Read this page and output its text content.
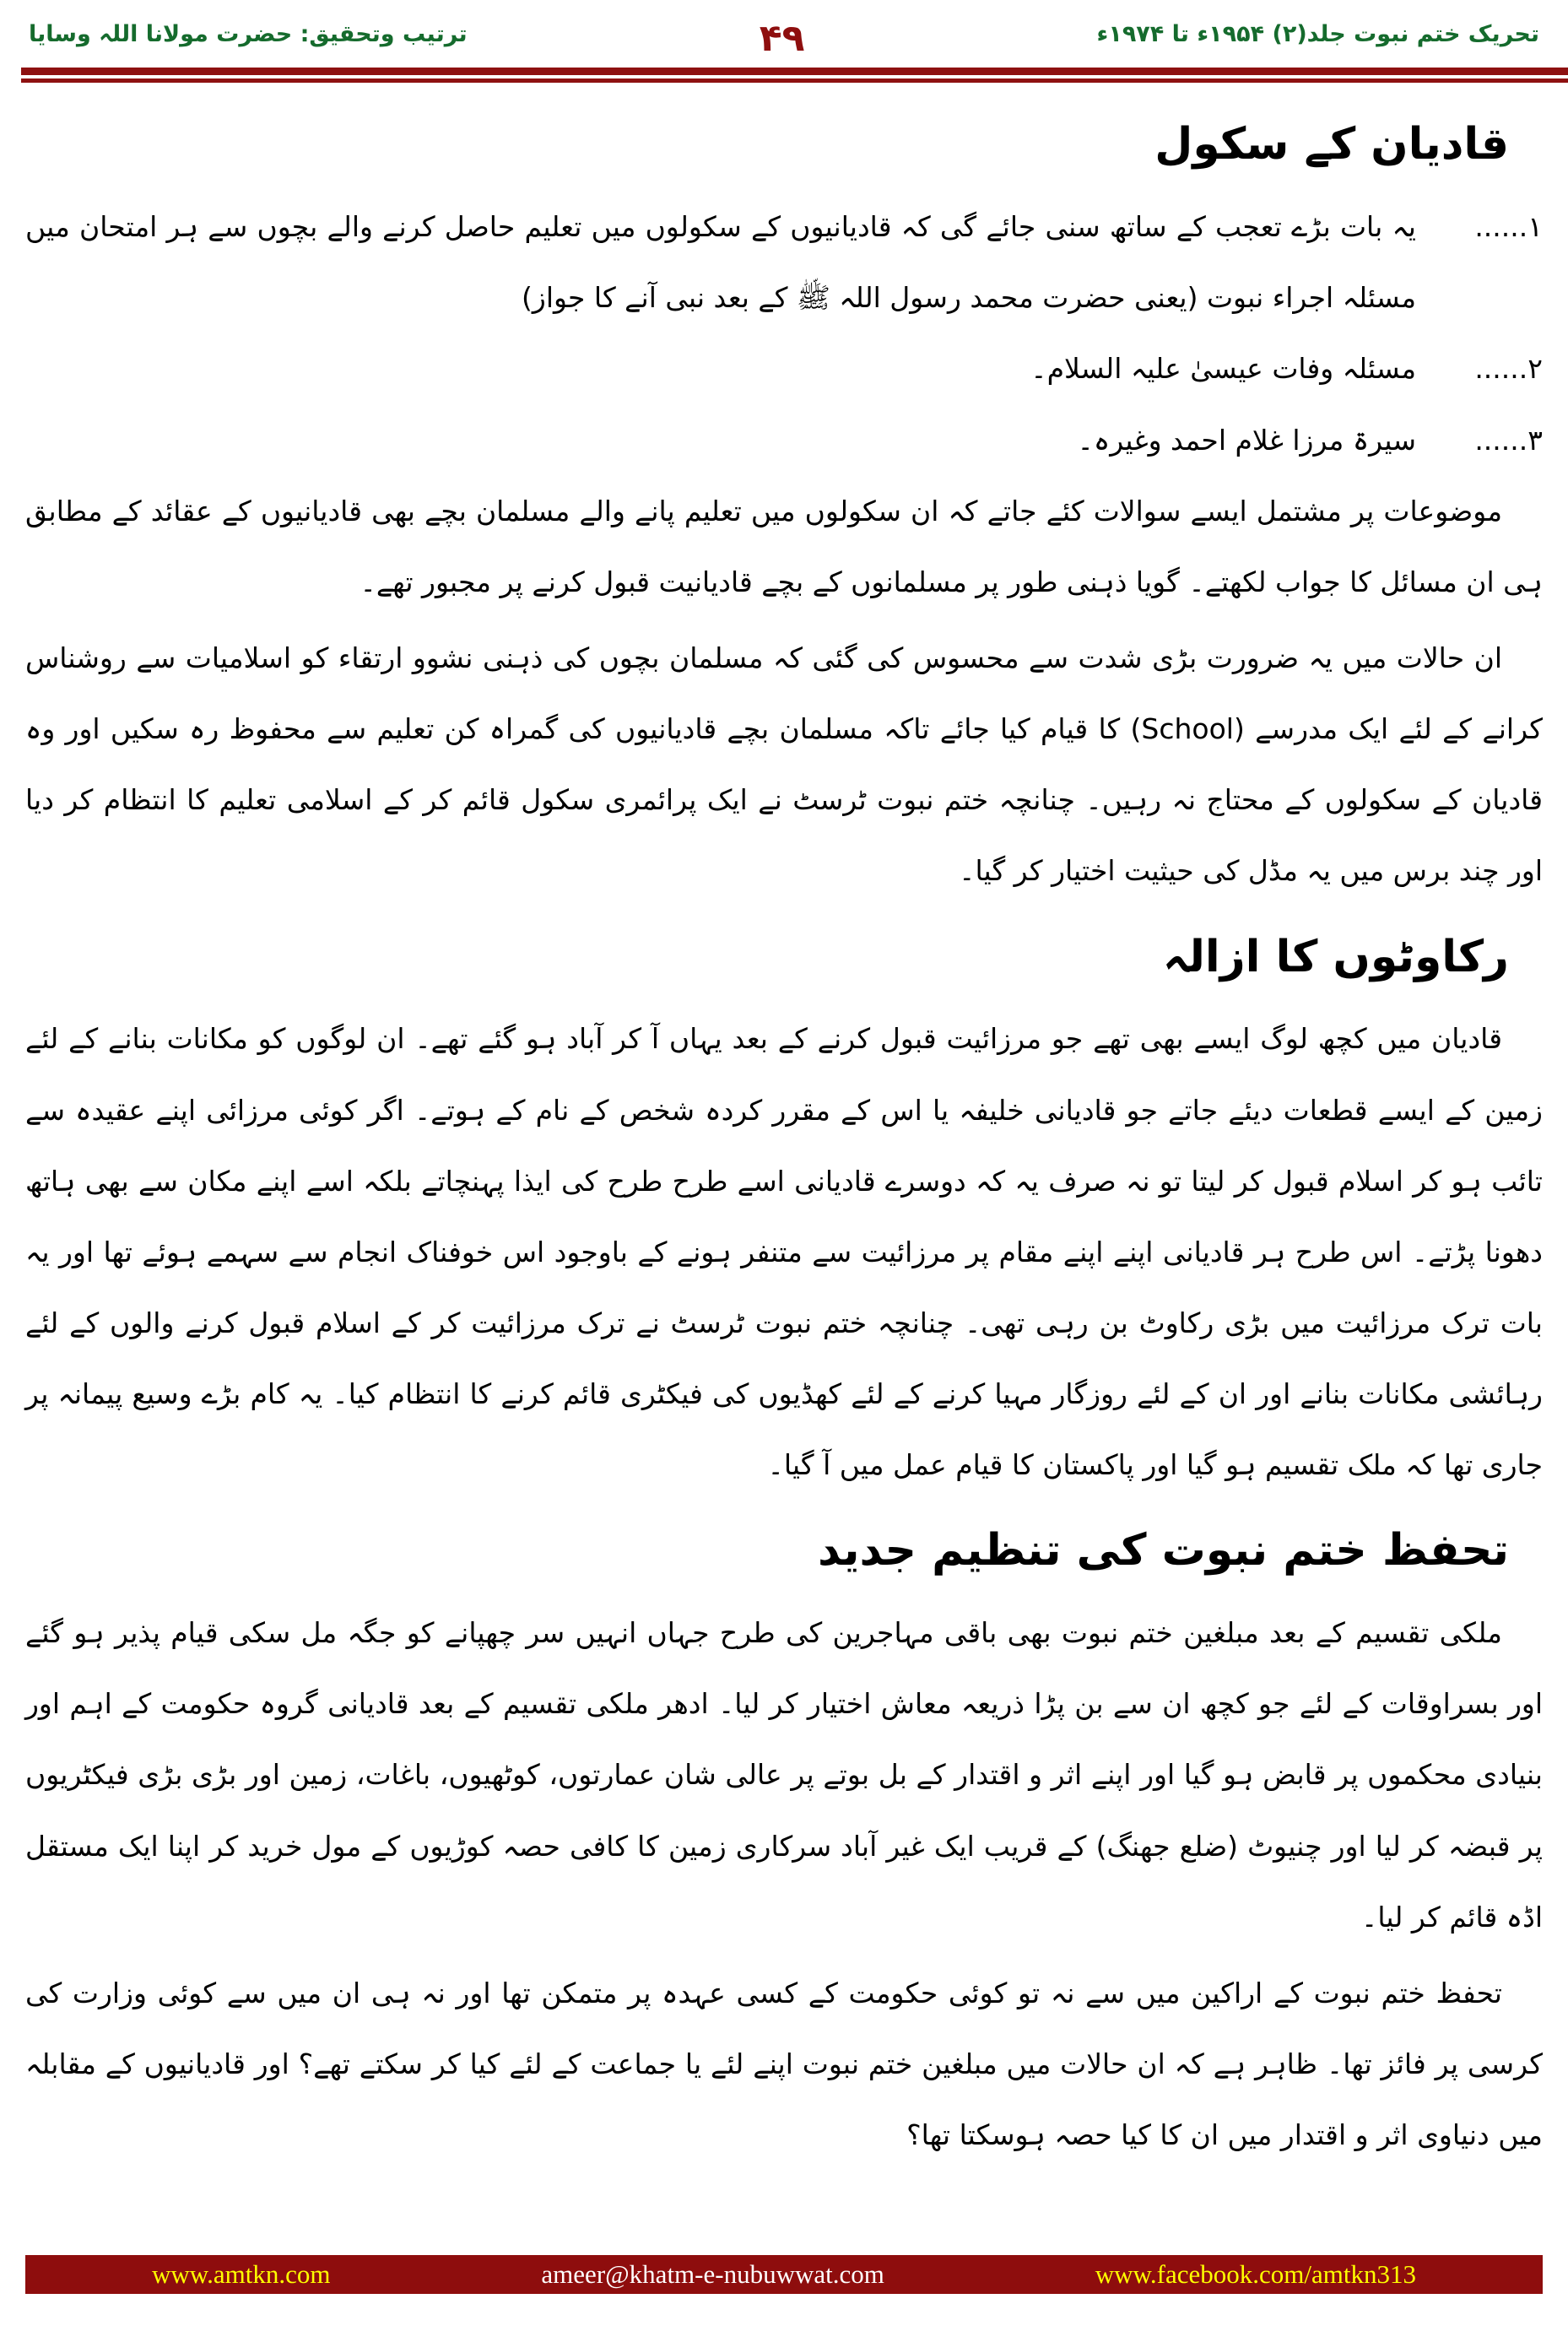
ترتیب وتحقیق: حضرت مولانا اللہ وسایا	۴۹	تحریک ختم نبوت جلد(۲) ۱۹۵۴ء تا ۱۹۷۴ء
قادیان کے سکول
۱......
یہ بات بڑے تعجب کے ساتھ سنی جائے گی کہ قادیانیوں کے سکولوں میں تعلیم حاصل کرنے والے بچوں سے ہر امتحان میں مسئلہ اجراء نبوت (یعنی حضرت محمد رسول اللہ ﷺ کے بعد نبی آنے کا جواز)
۲......
مسئلہ وفات عیسیٰ علیہ السلام۔
۳......
سیرۃ مرزا غلام احمد وغیرہ۔

موضوعات پر مشتمل ایسے سوالات کئے جاتے کہ ان سکولوں میں تعلیم پانے والے مسلمان بچے بھی قادیانیوں کے عقائد کے مطابق ہی ان مسائل کا جواب لکھتے۔ گویا ذہنی طور پر مسلمانوں کے بچے قادیانیت قبول کرنے پر مجبور تھے۔

ان حالات میں یہ ضرورت بڑی شدت سے محسوس کی گئی کہ مسلمان بچوں کی ذہنی نشوو ارتقاء کو اسلامیات سے روشناس کرانے کے لئے ایک مدرسے (School) کا قیام کیا جائے تاکہ مسلمان بچے قادیانیوں کی گمراہ کن تعلیم سے محفوظ رہ سکیں اور وہ قادیان کے سکولوں کے محتاج نہ رہیں۔ چنانچہ ختم نبوت ٹرسٹ نے ایک پرائمری سکول قائم کر کے اسلامی تعلیم کا انتظام کر دیا اور چند برس میں یہ مڈل کی حیثیت اختیار کر گیا۔

رکاوٹوں کا ازالہ

قادیان میں کچھ لوگ ایسے بھی تھے جو مرزائیت قبول کرنے کے بعد یہاں آ کر آباد ہو گئے تھے۔ ان لوگوں کو مکانات بنانے کے لئے زمین کے ایسے قطعات دیئے جاتے جو قادیانی خلیفہ یا اس کے مقرر کردہ شخص کے نام کے ہوتے۔ اگر کوئی مرزائی اپنے عقیدہ سے تائب ہو کر اسلام قبول کر لیتا تو نہ صرف یہ کہ دوسرے قادیانی اسے طرح طرح کی ایذا پہنچاتے بلکہ اسے اپنے مکان سے بھی ہاتھ دھونا پڑتے۔ اس طرح ہر قادیانی اپنے اپنے مقام پر مرزائیت سے متنفر ہونے کے باوجود اس خوفناک انجام سے سہمے ہوئے تھا اور یہ بات ترک مرزائیت میں بڑی رکاوٹ بن رہی تھی۔ چنانچہ ختم نبوت ٹرسٹ نے ترک مرزائیت کر کے اسلام قبول کرنے والوں کے لئے رہائشی مکانات بنانے اور ان کے لئے روزگار مہیا کرنے کے لئے کھڈیوں کی فیکٹری قائم کرنے کا انتظام کیا۔ یہ کام بڑے وسیع پیمانہ پر جاری تھا کہ ملک تقسیم ہو گیا اور پاکستان کا قیام عمل میں آ گیا۔

تحفظ ختم نبوت کی تنظیم جدید

ملکی تقسیم کے بعد مبلغین ختم نبوت بھی باقی مہاجرین کی طرح جہاں انہیں سر چھپانے کو جگہ مل سکی قیام پذیر ہو گئے اور بسراوقات کے لئے جو کچھ ان سے بن پڑا ذریعہ معاش اختیار کر لیا۔ ادھر ملکی تقسیم کے بعد قادیانی گروہ حکومت کے اہم اور بنیادی محکموں پر قابض ہو گیا اور اپنے اثر و اقتدار کے بل بوتے پر عالی شان عمارتوں، کوٹھیوں، باغات، زمین اور بڑی بڑی فیکٹریوں پر قبضہ کر لیا اور چنیوٹ (ضلع جھنگ) کے قریب ایک غیر آباد سرکاری زمین کا کافی حصہ کوڑیوں کے مول خرید کر اپنا ایک مستقل اڈہ قائم کر لیا۔

تحفظ ختم نبوت کے اراکین میں سے نہ تو کوئی حکومت کے کسی عہدہ پر متمکن تھا اور نہ ہی ان میں سے کوئی وزارت کی کرسی پر فائز تھا۔ ظاہر ہے کہ ان حالات میں مبلغین ختم نبوت اپنے لئے یا جماعت کے لئے کیا کر سکتے تھے؟ اور قادیانیوں کے مقابلہ میں دنیاوی اثر و اقتدار میں ان کا کیا حصہ ہوسکتا تھا؟

www.amtkn.com	ameer@khatm-e-nubuwwat.com	www.facebook.com/amtkn313
